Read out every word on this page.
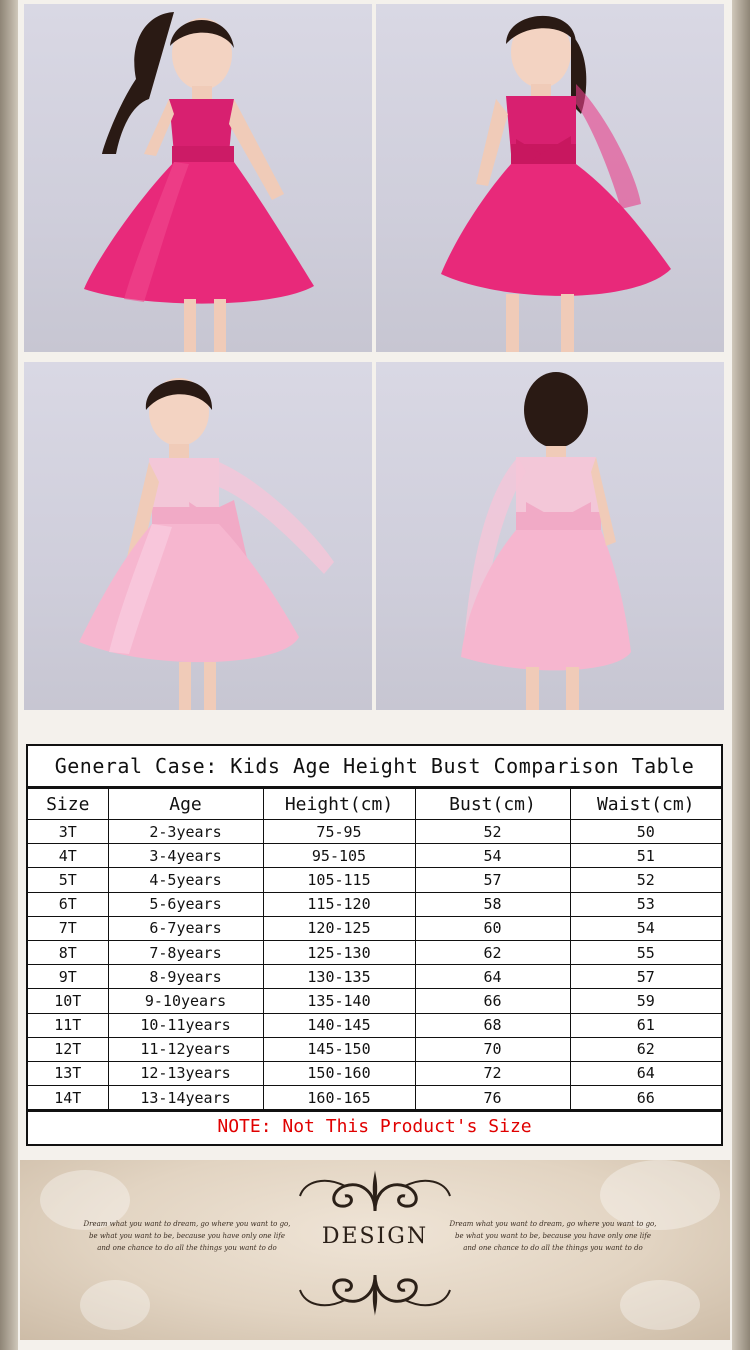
General Case: Kids Age Height Bust Comparison Table
Size	Age	Height(cm)	Bust(cm)	Waist(cm)
3T	2-3years	75-95	52	50
4T	3-4years	95-105	54	51
5T	4-5years	105-115	57	52
6T	5-6years	115-120	58	53
7T	6-7years	120-125	60	54
8T	7-8years	125-130	62	55
9T	8-9years	130-135	64	57
10T	9-10years	135-140	66	59
11T	10-11years	140-145	68	61
12T	11-12years	145-150	70	62
13T	12-13years	150-160	72	64
14T	13-14years	160-165	76	66
NOTE: Not This Product's Size
Dream what you want to dream, go where you want to go, be what you want to be, because you have only one life and one chance to do all the things you want to do	DESIGN	Dream what you want to dream, go where you want to go, be what you want to be, because you have only one life and one chance to do all the things you want to do
